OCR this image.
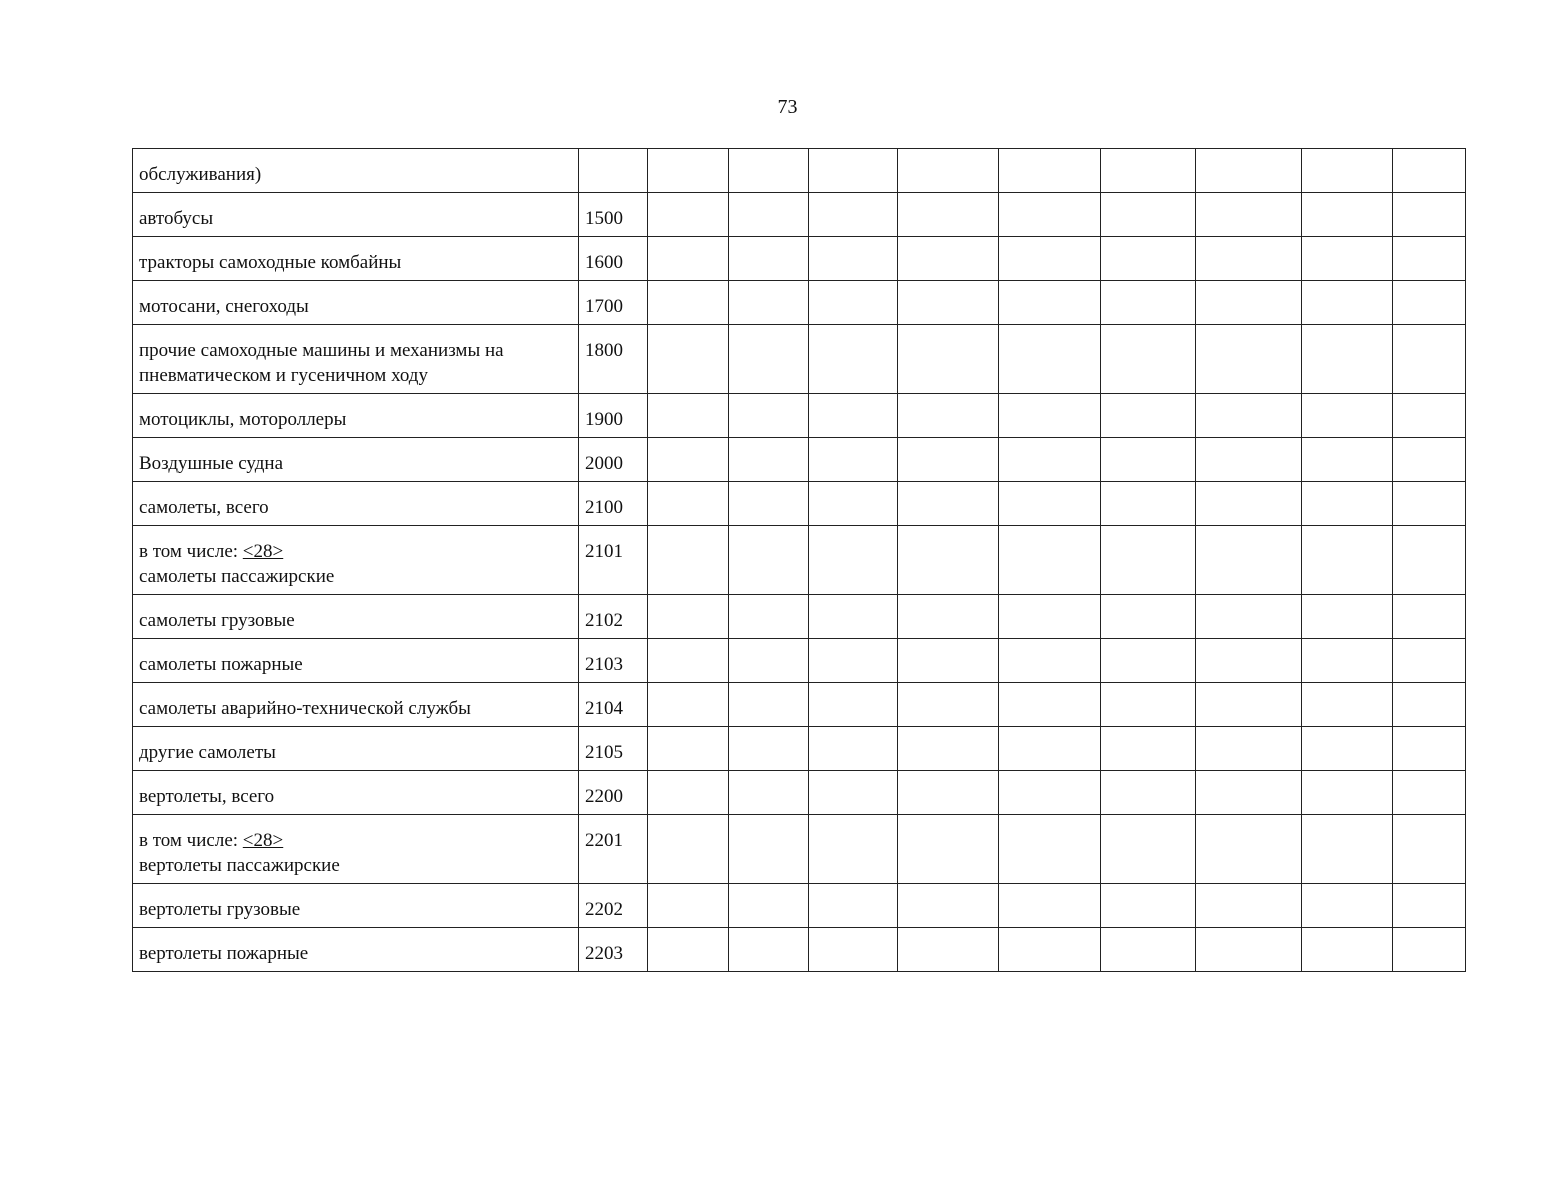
73
обслуживания)										
автобусы	1500									
тракторы самоходные комбайны	1600									
мотосани, снегоходы	1700									
прочие самоходные машины и механизмы на пневматическом и гусеничном ходу	1800									
мотоциклы, мотороллеры	1900									
Воздушные судна	2000									
самолеты, всего	2100									
в том числе: <28>
самолеты пассажирские	2101									
самолеты грузовые	2102									
самолеты пожарные	2103									
самолеты аварийно-технической службы	2104									
другие самолеты	2105									
вертолеты, всего	2200									
в том числе: <28>
вертолеты пассажирские	2201									
вертолеты грузовые	2202									
вертолеты пожарные	2203									
